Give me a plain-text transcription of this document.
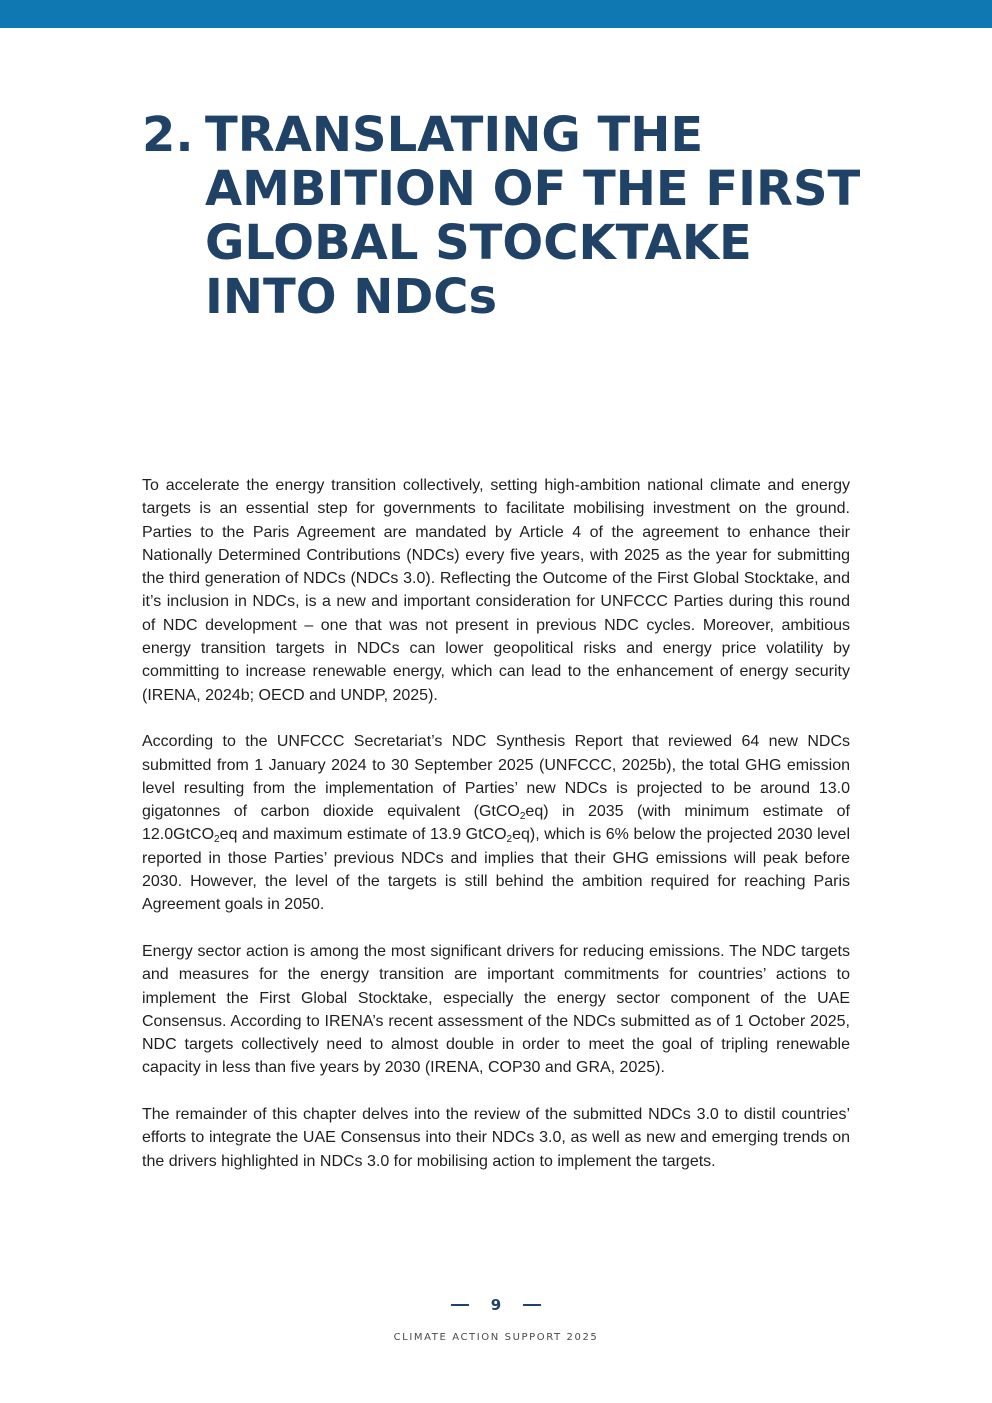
2. TRANSLATING THE
AMBITION OF THE FIRST
GLOBAL STOCKTAKE
INTO NDCs

To accelerate the energy transition collectively, setting high-ambition national climate and energy targets is an essential step for governments to facilitate mobilising investment on the ground. Parties to the Paris Agreement are mandated by Article 4 of the agreement to enhance their Nationally Determined Contributions (NDCs) every five years, with 2025 as the year for submitting the third generation of NDCs (NDCs 3.0). Reflecting the Outcome of the First Global Stocktake, and it’s inclusion in NDCs, is a new and important consideration for UNFCCC Parties during this round of NDC development – one that was not present in previous NDC cycles. Moreover, ambitious energy transition targets in NDCs can lower geopolitical risks and energy price volatility by committing to increase renewable energy, which can lead to the enhancement of energy security (IRENA, 2024b; OECD and UNDP, 2025).

According to the UNFCCC Secretariat’s NDC Synthesis Report that reviewed 64 new NDCs submitted from 1 January 2024 to 30 September 2025 (UNFCCC, 2025b), the total GHG emission level resulting from the implementation of Parties’ new NDCs is projected to be around 13.0 gigatonnes of carbon dioxide equivalent (GtCO$_2$eq) in 2035 (with minimum estimate of 12.0GtCO$_2$eq and maximum estimate of 13.9 GtCO$_2$eq), which is 6% below the projected 2030 level reported in those Parties’ previous NDCs and implies that their GHG emissions will peak before 2030. However, the level of the targets is still behind the ambition required for reaching Paris Agreement goals in 2050.

Energy sector action is among the most significant drivers for reducing emissions. The NDC targets and measures for the energy transition are important commitments for countries’ actions to implement the First Global Stocktake, especially the energy sector component of the UAE Consensus. According to IRENA’s recent assessment of the NDCs submitted as of 1 October 2025, NDC targets collectively need to almost double in order to meet the goal of tripling renewable capacity in less than five years by 2030 (IRENA, COP30 and GRA, 2025).

The remainder of this chapter delves into the review of the submitted NDCs 3.0 to distil countries’ efforts to integrate the UAE Consensus into their NDCs 3.0, as well as new and emerging trends on the drivers highlighted in NDCs 3.0 for mobilising action to implement the targets.

9
CLIMATE ACTION SUPPORT 2025
